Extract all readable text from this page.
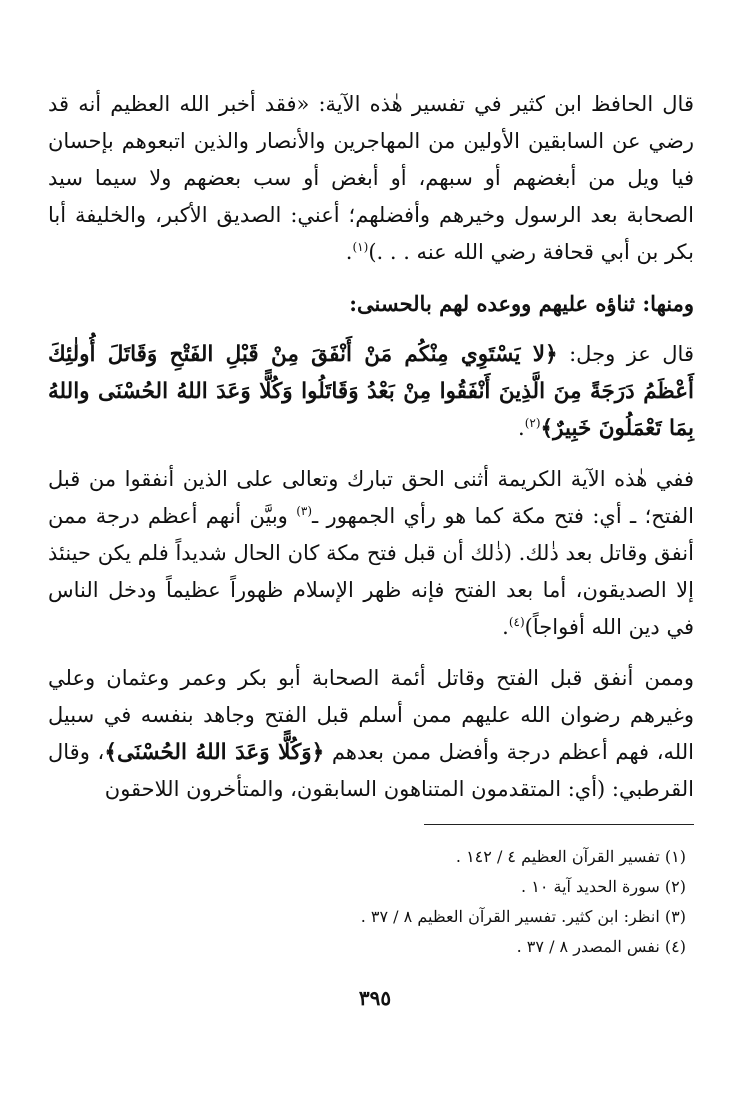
قال الحافظ ابن كثير في تفسير هٰذه الآية: «فقد أخبر الله العظيم أنه قد رضي عن السابقين الأولين من المهاجرين والأنصار والذين اتبعوهم بإحسان فيا ويل من أبغضهم أو سبهم، أو أبغض أو سب بعضهم ولا سيما سيد الصحابة بعد الرسول وخيرهم وأفضلهم؛ أعني: الصديق الأكبر، والخليفة أبا بكر بن أبي قحافة رضي الله عنه . . .)$^{(١)}$.

ومنها: ثناؤه عليهم ووعده لهم بالحسنى:

قال عز وجل: ﴿لا يَسْتَوِي مِنْكُم مَنْ أَنْفَقَ مِنْ قَبْلِ الفَتْحِ وَقَاتَلَ أُولٰئِكَ أَعْظَمُ دَرَجَةً مِنَ الَّذِينَ أَنْفَقُوا مِنْ بَعْدُ وَقَاتَلُوا وَكُلًّا وَعَدَ اللهُ الحُسْنَى واللهُ بِمَا تَعْمَلُونَ خَبِيرٌ﴾$^{(٢)}$.

ففي هٰذه الآية الكريمة أثنى الحق تبارك وتعالى على الذين أنفقوا من قبل الفتح؛ ـ أي: فتح مكة كما هو رأي الجمهور ـ$^{(٣)}$ وبيَّن أنهم أعظم درجة ممن أنفق وقاتل بعد ذٰلك. (ذٰلك أن قبل فتح مكة كان الحال شديداً فلم يكن حينئذ إلا الصديقون، أما بعد الفتح فإنه ظهر الإسلام ظهوراً عظيماً ودخل الناس في دين الله أفواجاً)$^{(٤)}$.

وممن أنفق قبل الفتح وقاتل أئمة الصحابة أبو بكر وعمر وعثمان وعلي وغيرهم رضوان الله عليهم ممن أسلم قبل الفتح وجاهد بنفسه في سبيل الله، فهم أعظم درجة وأفضل ممن بعدهم ﴿وَكُلًّا وَعَدَ اللهُ الحُسْنَى﴾، وقال القرطبي: (أي: المتقدمون المتناهون السابقون، والمتأخرون اللاحقون

(١) تفسير القرآن العظيم ٤ / ١٤٢ .
(٢) سورة الحديد آية ١٠ .
(٣) انظر: ابن كثير. تفسير القرآن العظيم ٨ / ٣٧ .
(٤) نفس المصدر ٨ / ٣٧ .
٣٩٥
